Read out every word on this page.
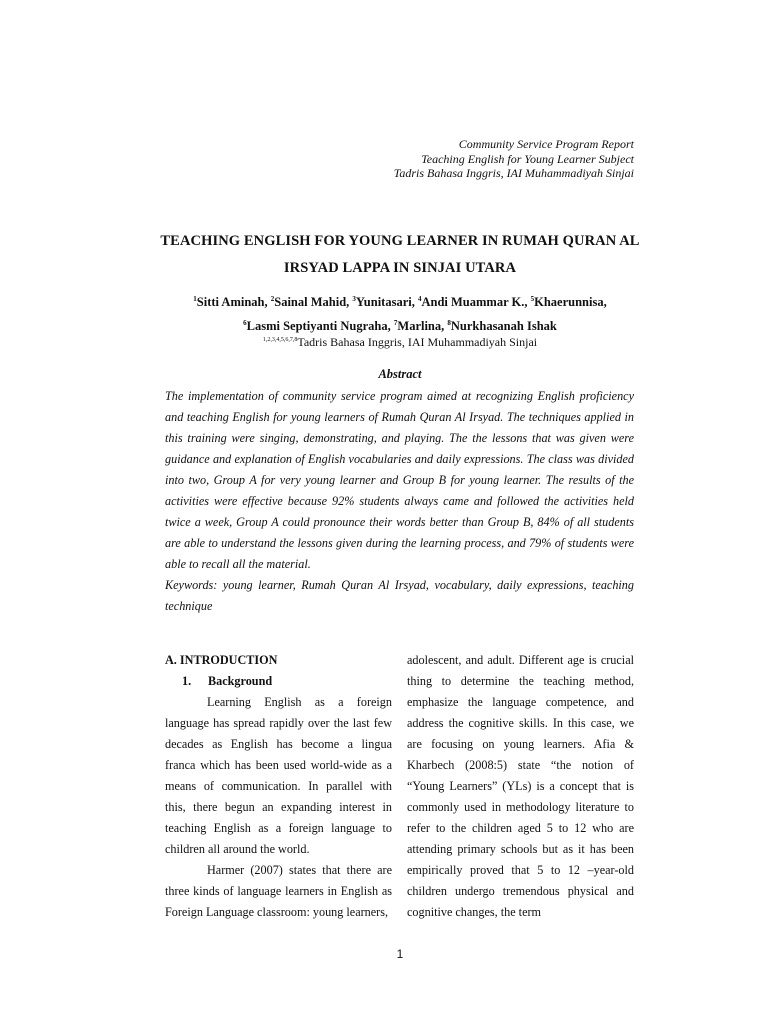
Community Service Program Report
Teaching English for Young Learner Subject
Tadris Bahasa Inggris, IAI Muhammadiyah Sinjai
TEACHING ENGLISH FOR YOUNG LEARNER IN RUMAH QURAN AL
IRSYAD LAPPA IN SINJAI UTARA
$^1$Sitti Aminah, $^2$Sainal Mahid, $^3$Yunitasari, $^4$Andi Muammar K., $^5$Khaerunnisa,
$^6$Lasmi Septiyanti Nugraha, $^7$Marlina, $^8$Nurkhasanah Ishak
$^{1,2,3,4,5,6,7,8}$Tadris Bahasa Inggris, IAI Muhammadiyah Sinjai
Abstract
The implementation of community service program aimed at recognizing English proficiency and teaching English for young learners of Rumah Quran Al Irsyad. The techniques applied in this training were singing, demonstrating, and playing. The the lessons that was given were guidance and explanation of English vocabularies and daily expressions. The class was divided into two, Group A for very young learner and Group B for young learner. The results of the activities were effective because 92% students always came and followed the activities held twice a week, Group A could pronounce their words better than Group B, 84% of all students are able to understand the lessons given during the learning process, and 79% of students were able to recall all the material.
Keywords: young learner, Rumah Quran Al Irsyad, vocabulary, daily expressions, teaching technique
A. INTRODUCTION
1. Background

Learning English as a foreign language has spread rapidly over the last few decades as English has become a lingua franca which has been used world-wide as a means of communication. In parallel with this, there begun an expanding interest in teaching English as a foreign language to children all around the world.

Harmer (2007) states that there are three kinds of language learners in English as Foreign Language classroom: young learners,

adolescent, and adult. Different age is crucial thing to determine the teaching method, emphasize the language competence, and address the cognitive skills. In this case, we are focusing on young learners. Afia & Kharbech (2008:5) state “the notion of “Young Learners” (YLs) is a concept that is commonly used in methodology literature to refer to the children aged 5 to 12 who are attending primary schools but as it has been empirically proved that 5 to 12 –year-old children undergo tremendous physical and cognitive changes, the term

1
